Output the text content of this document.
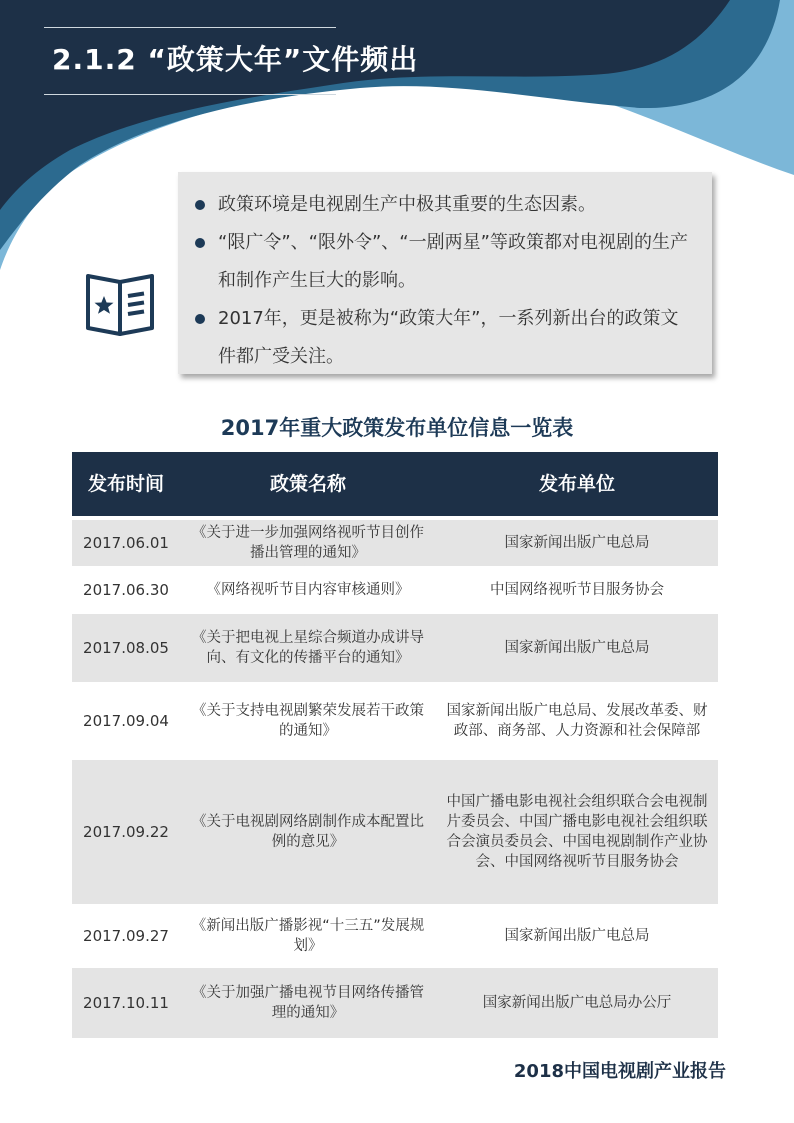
2.1.2 “政策大年”文件频出
政策环境是电视剧生产中极其重要的生态因素。
“限广令”、“限外令”、“一剧两星”等政策都对电视剧的生产和制作产生巨大的影响。
2017年，更是被称为“政策大年”，一系列新出台的政策文件都广受关注。
2017年重大政策发布单位信息一览表
发布时间	政策名称	发布单位
2017.06.01	《关于进一步加强网络视听节目创作播出管理的通知》	国家新闻出版广电总局
2017.06.30	《网络视听节目内容审核通则》	中国网络视听节目服务协会
2017.08.05	《关于把电视上星综合频道办成讲导向、有文化的传播平台的通知》	国家新闻出版广电总局
2017.09.04	《关于支持电视剧繁荣发展若干政策的通知》	国家新闻出版广电总局、发展改革委、财政部、商务部、人力资源和社会保障部
2017.09.22	《关于电视剧网络剧制作成本配置比例的意见》	中国广播电影电视社会组织联合会电视制片委员会、中国广播电影电视社会组织联合会演员委员会、中国电视剧制作产业协会、中国网络视听节目服务协会
2017.09.27	《新闻出版广播影视“十三五”发展规划》	国家新闻出版广电总局
2017.10.11	《关于加强广播电视节目网络传播管理的通知》	国家新闻出版广电总局办公厅
2018中国电视剧产业报告
